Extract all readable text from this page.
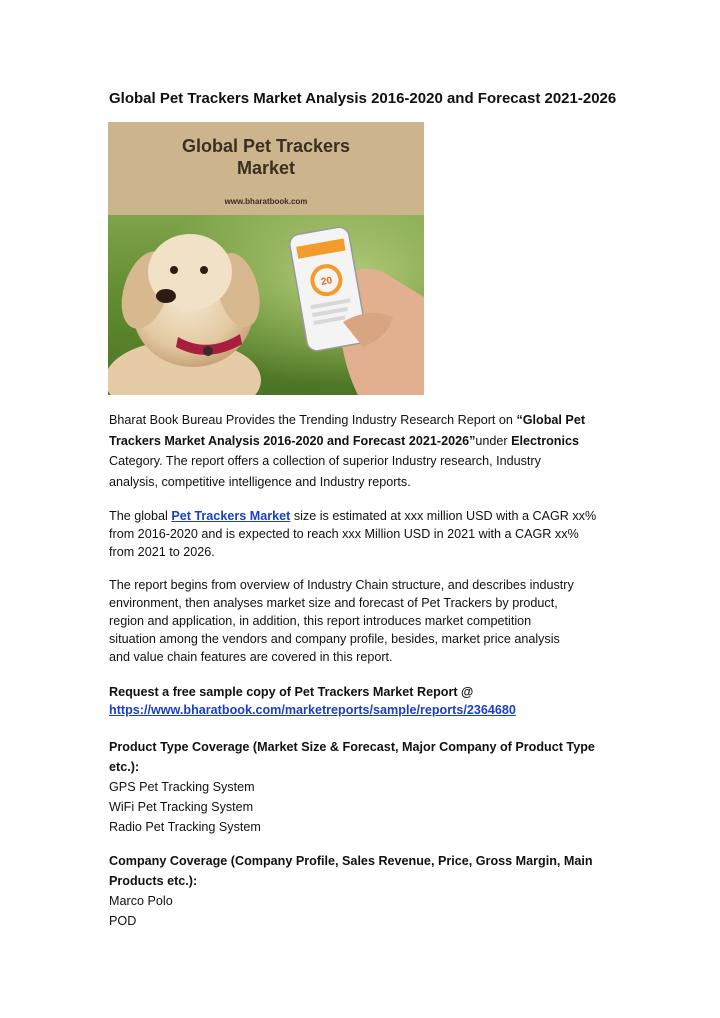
Global Pet Trackers Market Analysis 2016-2020 and Forecast 2021-2026
Global Pet Trackers
Market
www.bharatbook.com
20
Bharat Book Bureau Provides the Trending Industry Research Report on “Global Pet
Trackers Market Analysis 2016-2020 and Forecast 2021-2026”under Electronics
Category. The report offers a collection of superior Industry research, Industry
analysis, competitive intelligence and Industry reports.
The global Pet Trackers Market size is estimated at xxx million USD with a CAGR xx%
from 2016-2020 and is expected to reach xxx Million USD in 2021 with a CAGR xx%
from 2021 to 2026.
The report begins from overview of Industry Chain structure, and describes industry
environment, then analyses market size and forecast of Pet Trackers by product,
region and application, in addition, this report introduces market competition
situation among the vendors and company profile, besides, market price analysis
and value chain features are covered in this report.
Request a free sample copy of Pet Trackers Market Report @
https://www.bharatbook.com/marketreports/sample/reports/2364680
Product Type Coverage (Market Size & Forecast, Major Company of Product Type
etc.):
GPS Pet Tracking System
WiFi Pet Tracking System
Radio Pet Tracking System
Company Coverage (Company Profile, Sales Revenue, Price, Gross Margin, Main
Products etc.):
Marco Polo
POD
